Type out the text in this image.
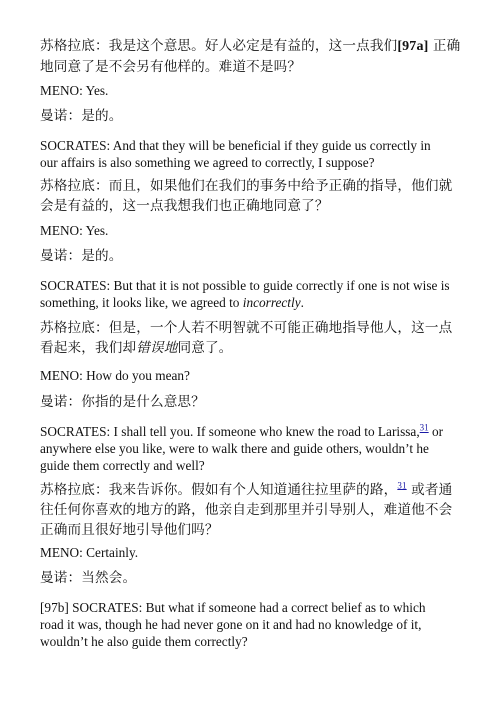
苏格拉底：我是这个意思。好人必定是有益的，这一点我们[97a] 正确地同意了是不会另有他样的。难道不是吗？

MENO: Yes.

曼诺：是的。

SOCRATES: And that they will be beneficial if they guide us correctly in our affairs is also something we agreed to correctly, I suppose?

苏格拉底：而且，如果他们在我们的事务中给予正确的指导，他们就会是有益的，这一点我想我们也正确地同意了？

MENO: Yes.

曼诺：是的。

SOCRATES: But that it is not possible to guide correctly if one is not wise is something, it looks like, we agreed to incorrectly.

苏格拉底：但是，一个人若不明智就不可能正确地指导他人，这一点看起来，我们却错误地同意了。

MENO: How do you mean?

曼诺：你指的是什么意思？

SOCRATES: I shall tell you. If someone who knew the road to Larissa,$^{31}$ or anywhere else you like, were to walk there and guide others, wouldn’t he guide them correctly and well?

苏格拉底：我来告诉你。假如有个人知道通往拉里萨的路，$^{31}$ 或者通往任何你喜欢的地方的路，他亲自走到那里并引导别人，难道他不会正确而且很好地引导他们吗？

MENO: Certainly.

曼诺：当然会。

[97b] SOCRATES: But what if someone had a correct belief as to which road it was, though he had never gone on it and had no knowledge of it, wouldn’t he also guide them correctly?
